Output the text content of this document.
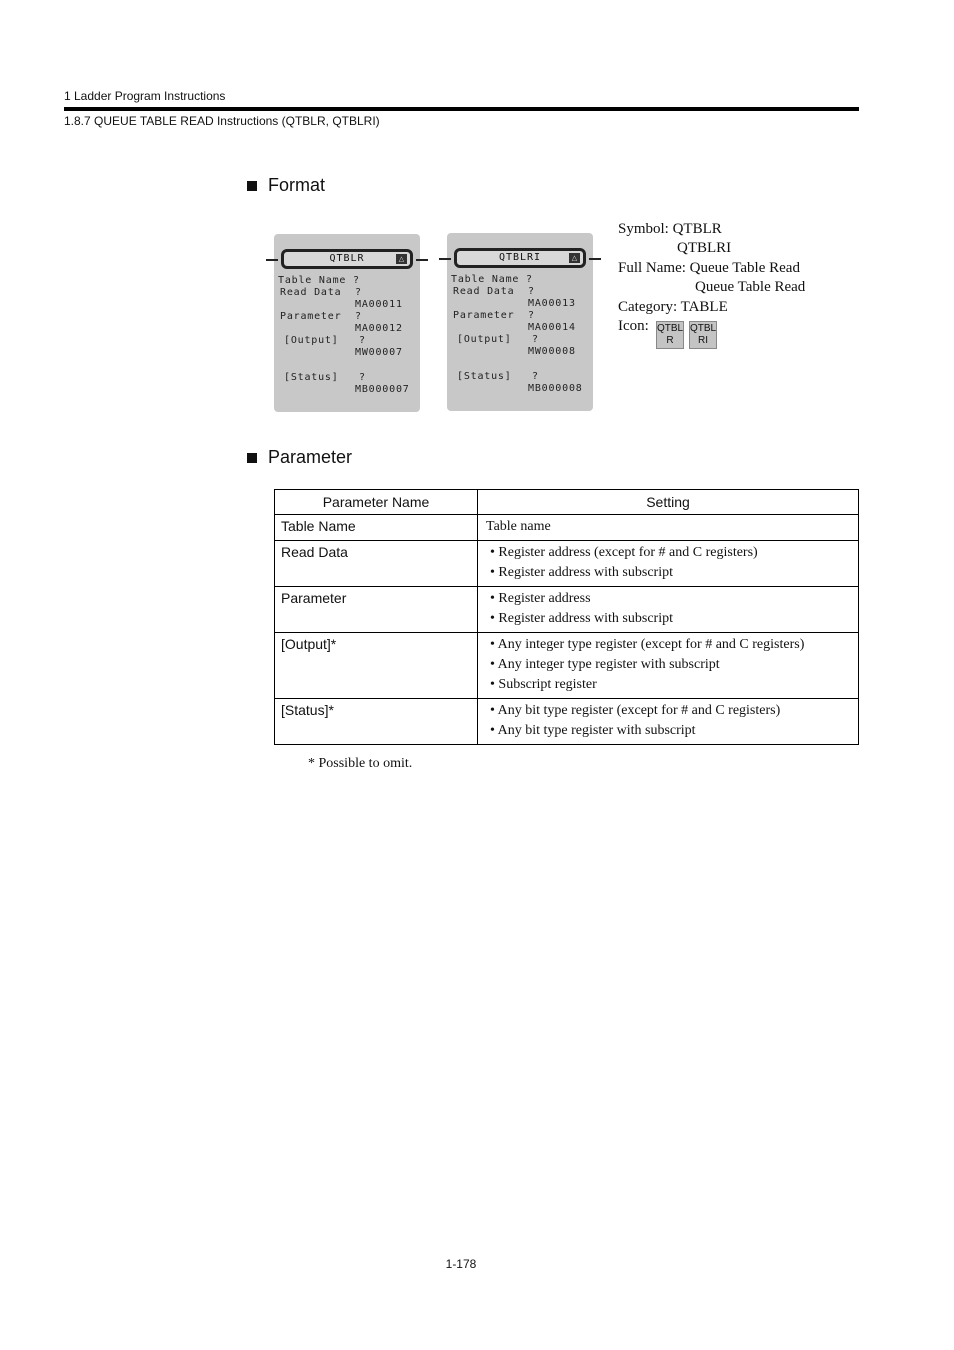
1 Ladder Program Instructions
1.8.7 QUEUE TABLE READ Instructions (QTBLR, QTBLRI)
Format
QTBLR	△
Table Name ?
Read Data  ?
MA00011
Parameter  ?
MA00012
[Output]   ?
MW00007
[Status]   ?
MB000007
QTBLRI	△
Table Name ?
Read Data  ?
MA00013
Parameter  ?
MA00014
[Output]   ?
MW00008
[Status]   ?
MB000008
Symbol: QTBLR
QTBLRI
Full Name: Queue Table Read
Queue Table Read
Category: TABLE
Icon: QTBL
R
QTBL
RI
Parameter
Parameter Name	Setting
Table Name	Table name

Read Data	• Register address (except for # and C registers)
• Register address with subscript

Parameter	• Register address
• Register address with subscript

[Output]*	• Any integer type register (except for # and C registers)
• Any integer type register with subscript
• Subscript register

[Status]*	• Any bit type register (except for # and C registers)
• Any bit type register with subscript
* Possible to omit.
1-178
